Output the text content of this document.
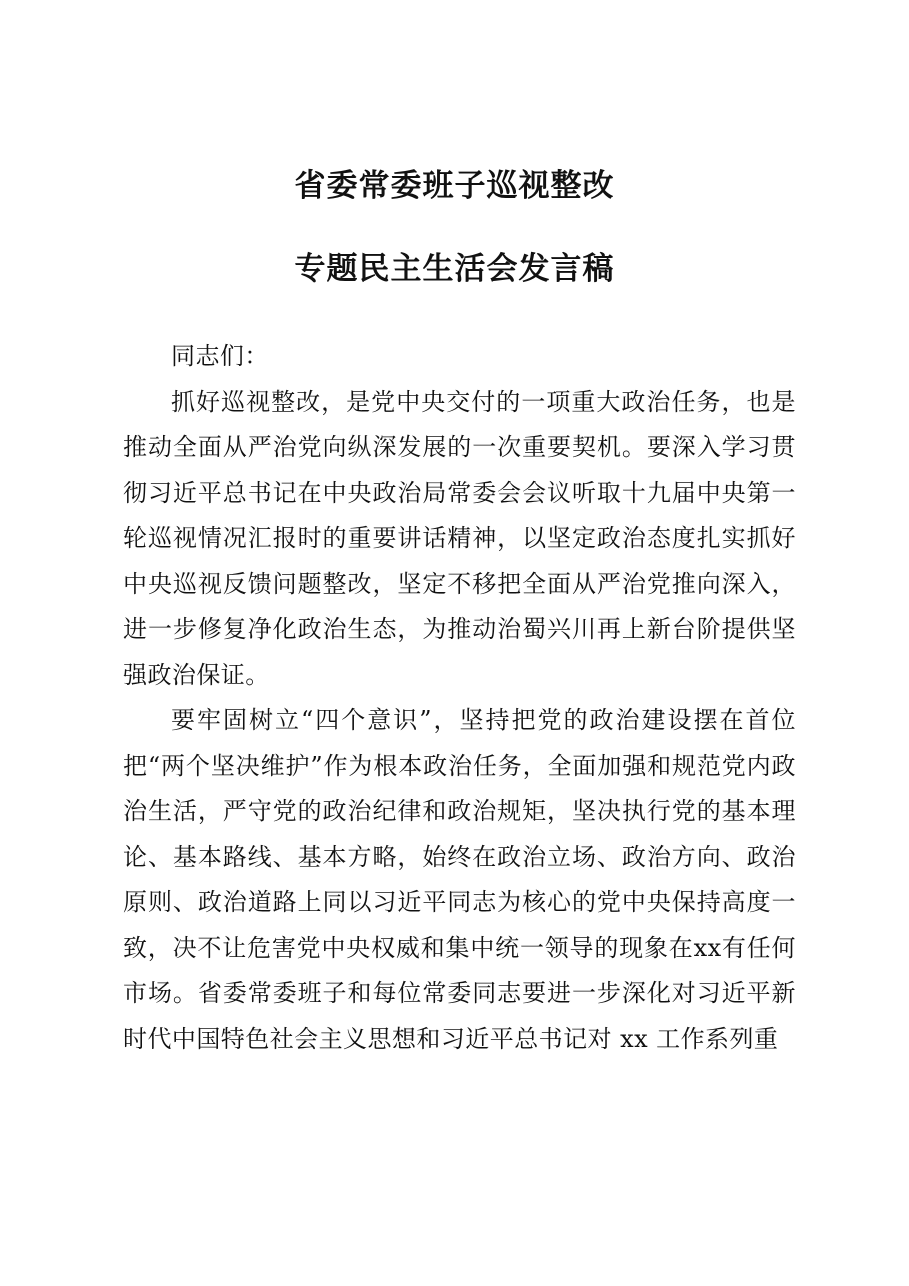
省委常委班子巡视整改
专题民主生活会发言稿

同志们：

抓好巡视整改，是党中央交付的一项重大政治任务，也是推动全面从严治党向纵深发展的一次重要契机。要深入学习贯彻习近平总书记在中央政治局常委会会议听取十九届中央第一轮巡视情况汇报时的重要讲话精神，以坚定政治态度扎实抓好中央巡视反馈问题整改，坚定不移把全面从严治党推向深入，进一步修复净化政治生态，为推动治蜀兴川再上新台阶提供坚强政治保证。

要牢固树立“四个意识”，坚持把党的政治建设摆在首位把“两个坚决维护”作为根本政治任务，全面加强和规范党内政治生活，严守党的政治纪律和政治规矩，坚决执行党的基本理论、基本路线、基本方略，始终在政治立场、政治方向、政治原则、政治道路上同以习近平同志为核心的党中央保持高度一致，决不让危害党中央权威和集中统一领导的现象在xx有任何市场。省委常委班子和每位常委同志要进一步深化对习近平新时代中国特色社会主义思想和习近平总书记对 xx 工作系列重
